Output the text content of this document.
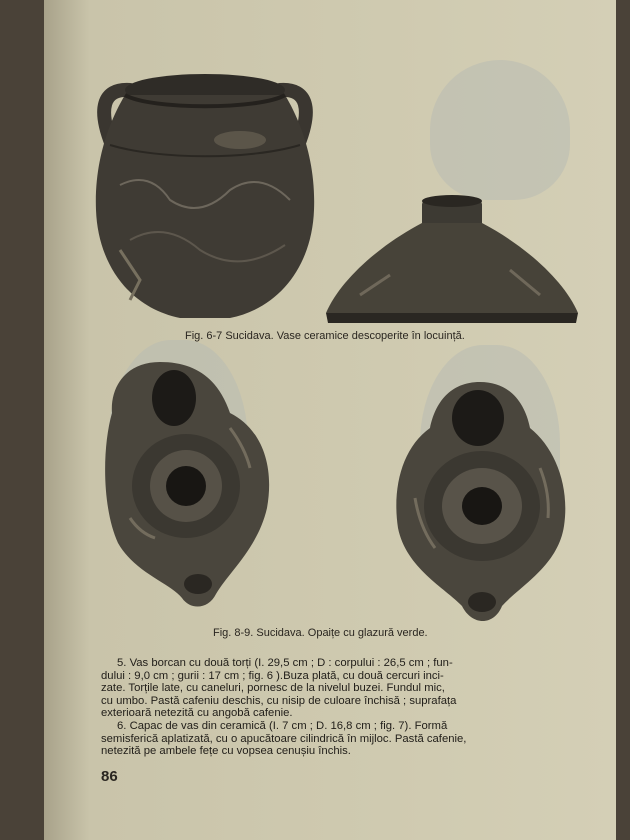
Fig. 6-7 Sucidava. Vase ceramice descoperite în locuință.
Fig. 8-9. Sucidava. Opaițe cu glazură verde.

5. Vas borcan cu două torți (I. 29,5 cm ; D : corpului : 26,5 cm ; fun-

dului : 9,0 cm ; gurii : 17 cm ; fig. 6 ).Buza plată, cu două cercuri inci-

zate. Torțile late, cu caneluri, pornesc de la nivelul buzei. Fundul mic,

cu umbo. Pastă cafeniu deschis, cu nisip de culoare închisă ; suprafața

exterioară netezită cu angobă cafenie.

6. Capac de vas din ceramică (I. 7 cm ; D. 16,8 cm ; fig. 7). Formă

semisferică aplatizată, cu o apucătoare cilindrică în mijloc. Pastă cafenie,

netezită pe ambele fețe cu vopsea cenușiu închis.

86
